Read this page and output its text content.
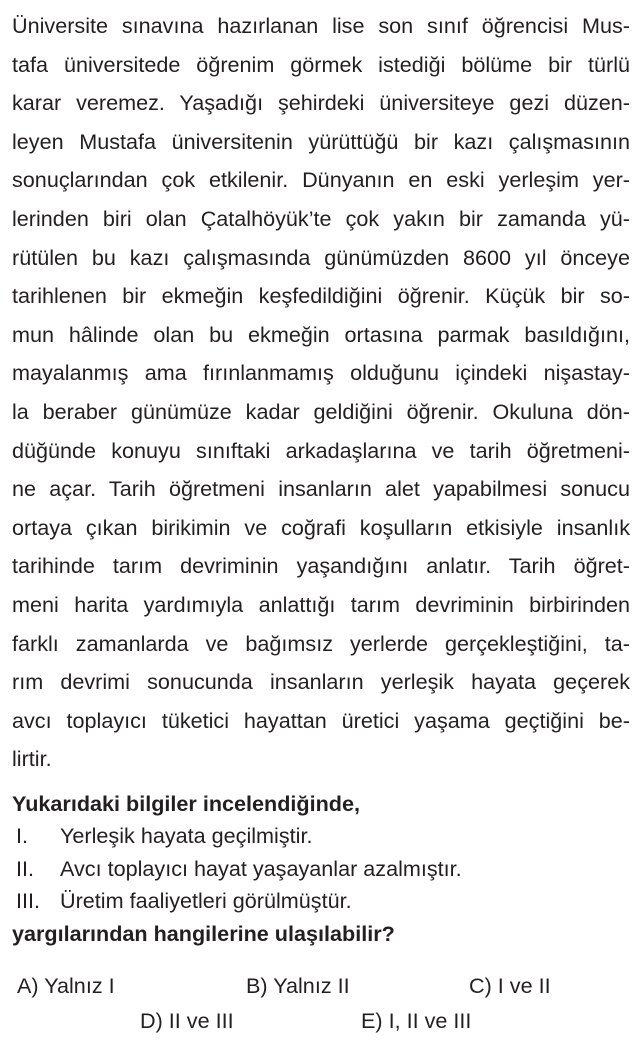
Üniversite sınavına hazırlanan lise son sınıf öğrencisi Mus-
tafa üniversitede öğrenim görmek istediği bölüme bir türlü
karar veremez. Yaşadığı şehirdeki üniversiteye gezi düzen-
leyen Mustafa üniversitenin yürüttüğü bir kazı çalışmasının
sonuçlarından çok etkilenir. Dünyanın en eski yerleşim yer-
lerinden biri olan Çatalhöyük’te çok yakın bir zamanda yü-
rütülen bu kazı çalışmasında günümüzden 8600 yıl önceye
tarihlenen bir ekmeğin keşfedildiğini öğrenir. Küçük bir so-
mun hâlinde olan bu ekmeğin ortasına parmak basıldığını,
mayalanmış ama fırınlanmamış olduğunu içindeki nişastay-
la beraber günümüze kadar geldiğini öğrenir. Okuluna dön-
düğünde konuyu sınıftaki arkadaşlarına ve tarih öğretmeni-
ne açar. Tarih öğretmeni insanların alet yapabilmesi sonucu
ortaya çıkan birikimin ve coğrafi koşulların etkisiyle insanlık
tarihinde tarım devriminin yaşandığını anlatır. Tarih öğret-
meni harita yardımıyla anlattığı tarım devriminin birbirinden
farklı zamanlarda ve bağımsız yerlerde gerçekleştiğini, ta-
rım devrimi sonucunda insanların yerleşik hayata geçerek
avcı toplayıcı tüketici hayattan üretici yaşama geçtiğini be-
lirtir.
Yukarıdaki bilgiler incelendiğinde,
I. Yerleşik hayata geçilmiştir.
II. Avcı toplayıcı hayat yaşayanlar azalmıştır.
III. Üretim faaliyetleri görülmüştür.
yargılarından hangilerine ulaşılabilir?
A) Yalnız I	B) Yalnız II	C) I ve II
D) II ve III	E) I, II ve III
